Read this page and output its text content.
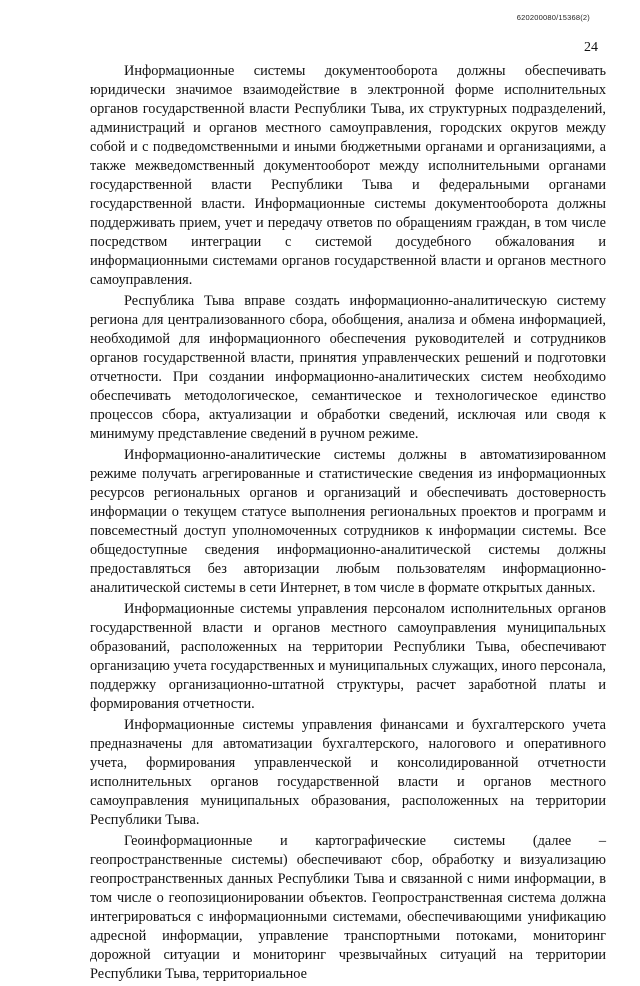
620200080/15368(2)
24

Информационные системы документооборота должны обеспечивать юридически значимое взаимодействие в электронной форме исполнительных органов государственной власти Республики Тыва, их структурных подразделений, администраций и органов местного самоуправления, городских округов между собой и с подведомственными и иными бюджетными органами и организациями, а также межведомственный документооборот между исполнительными органами государственной власти Республики Тыва и федеральными органами государственной власти. Информационные системы документооборота должны поддерживать прием, учет и передачу ответов по обращениям граждан, в том числе посредством интеграции с системой досудебного обжалования и информационными системами органов государственной власти и органов местного самоуправления.

Республика Тыва вправе создать информационно-аналитическую систему региона для централизованного сбора, обобщения, анализа и обмена информацией, необходимой для информационного обеспечения руководителей и сотрудников органов государственной власти, принятия управленческих решений и подготовки отчетности. При создании информационно-аналитических систем необходимо обеспечивать методологическое, семантическое и технологическое единство процессов сбора, актуализации и обработки сведений, исключая или сводя к минимуму представление сведений в ручном режиме.

Информационно-аналитические системы должны в автоматизированном режиме получать агрегированные и статистические сведения из информационных ресурсов региональных органов и организаций и обеспечивать достоверность информации о текущем статусе выполнения региональных проектов и программ и повсеместный доступ уполномоченных сотрудников к информации системы. Все общедоступные сведения информационно-аналитической системы должны предоставляться без авторизации любым пользователям информационно-аналитической системы в сети Интернет, в том числе в формате открытых данных.

Информационные системы управления персоналом исполнительных органов государственной власти и органов местного самоуправления муниципальных образований, расположенных на территории Республики Тыва, обеспечивают организацию учета государственных и муниципальных служащих, иного персонала, поддержку организационно-штатной структуры, расчет заработной платы и формирования отчетности.

Информационные системы управления финансами и бухгалтерского учета предназначены для автоматизации бухгалтерского, налогового и оперативного учета, формирования управленческой и консолидированной отчетности исполнительных органов государственной власти и органов местного самоуправления муниципальных образования, расположенных на территории Республики Тыва.

Геоинформационные и картографические системы (далее – геопространственные системы) обеспечивают сбор, обработку и визуализацию геопространственных данных Республики Тыва и связанной с ними информации, в том числе о геопозиционировании объектов. Геопространственная система должна интегрироваться с информационными системами, обеспечивающими унификацию адресной информации, управление транспортными потоками, мониторинг дорожной ситуации и мониторинг чрезвычайных ситуаций на территории Республики Тыва, территориальное
